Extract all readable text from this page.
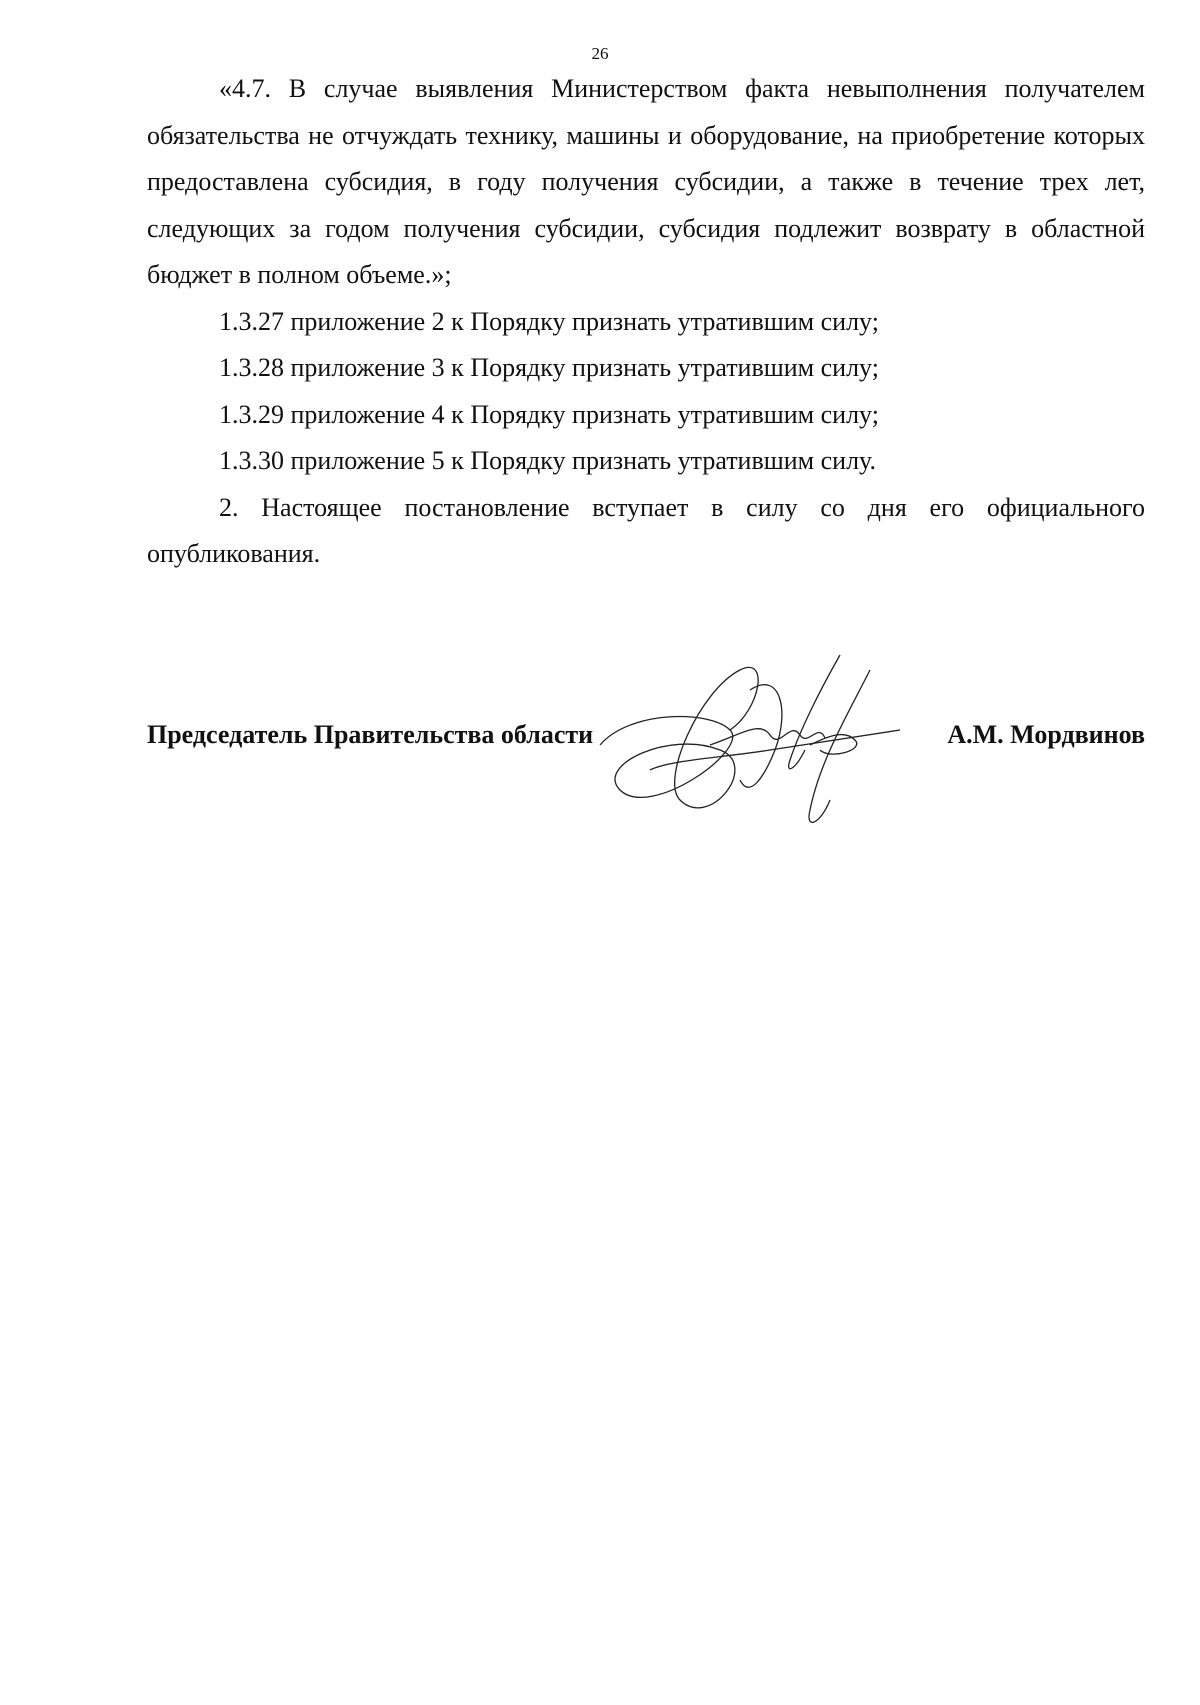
26

«4.7. В случае выявления Министерством факта невыполнения получателем обязательства не отчуждать технику, машины и оборудование, на приобретение которых предоставлена субсидия, в году получения субсидии, а также в течение трех лет, следующих за годом получения субсидии, субсидия подлежит возврату в областной бюджет в полном объеме.»;

1.3.27 приложение 2 к Порядку признать утратившим силу;

1.3.28 приложение 3 к Порядку признать утратившим силу;

1.3.29 приложение 4 к Порядку признать утратившим силу;

1.3.30 приложение 5 к Порядку признать утратившим силу.

2. Настоящее постановление вступает в силу со дня его официального опубликования.

Председатель Правительства области	А.М. Мордвинов
